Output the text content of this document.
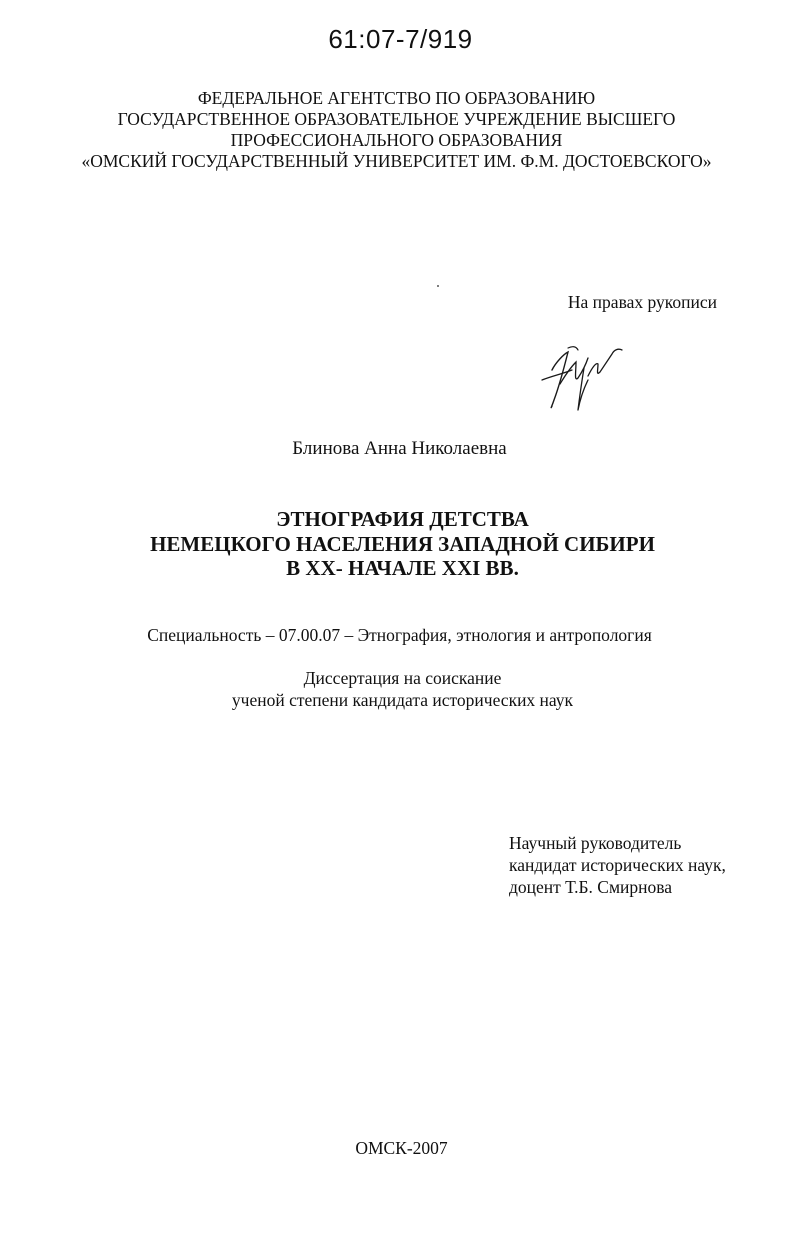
61:07-7/919
ФЕДЕРАЛЬНОЕ АГЕНТСТВО ПО ОБРАЗОВАНИЮ
ГОСУДАРСТВЕННОЕ ОБРАЗОВАТЕЛЬНОЕ УЧРЕЖДЕНИЕ ВЫСШЕГО
ПРОФЕССИОНАЛЬНОГО ОБРАЗОВАНИЯ
«ОМСКИЙ ГОСУДАРСТВЕННЫЙ УНИВЕРСИТЕТ ИМ. Ф.М. ДОСТОЕВСКОГО»
На правах рукописи
Блинова Анна Николаевна
ЭТНОГРАФИЯ ДЕТСТВА
НЕМЕЦКОГО НАСЕЛЕНИЯ ЗАПАДНОЙ СИБИРИ
В XX- НАЧАЛЕ XXI ВВ.
Специальность – 07.00.07 – Этнография, этнология и антропология
Диссертация на соискание
ученой степени кандидата исторических наук
Научный руководитель
кандидат исторических наук,
доцент Т.Б. Смирнова
ОМСК-2007
